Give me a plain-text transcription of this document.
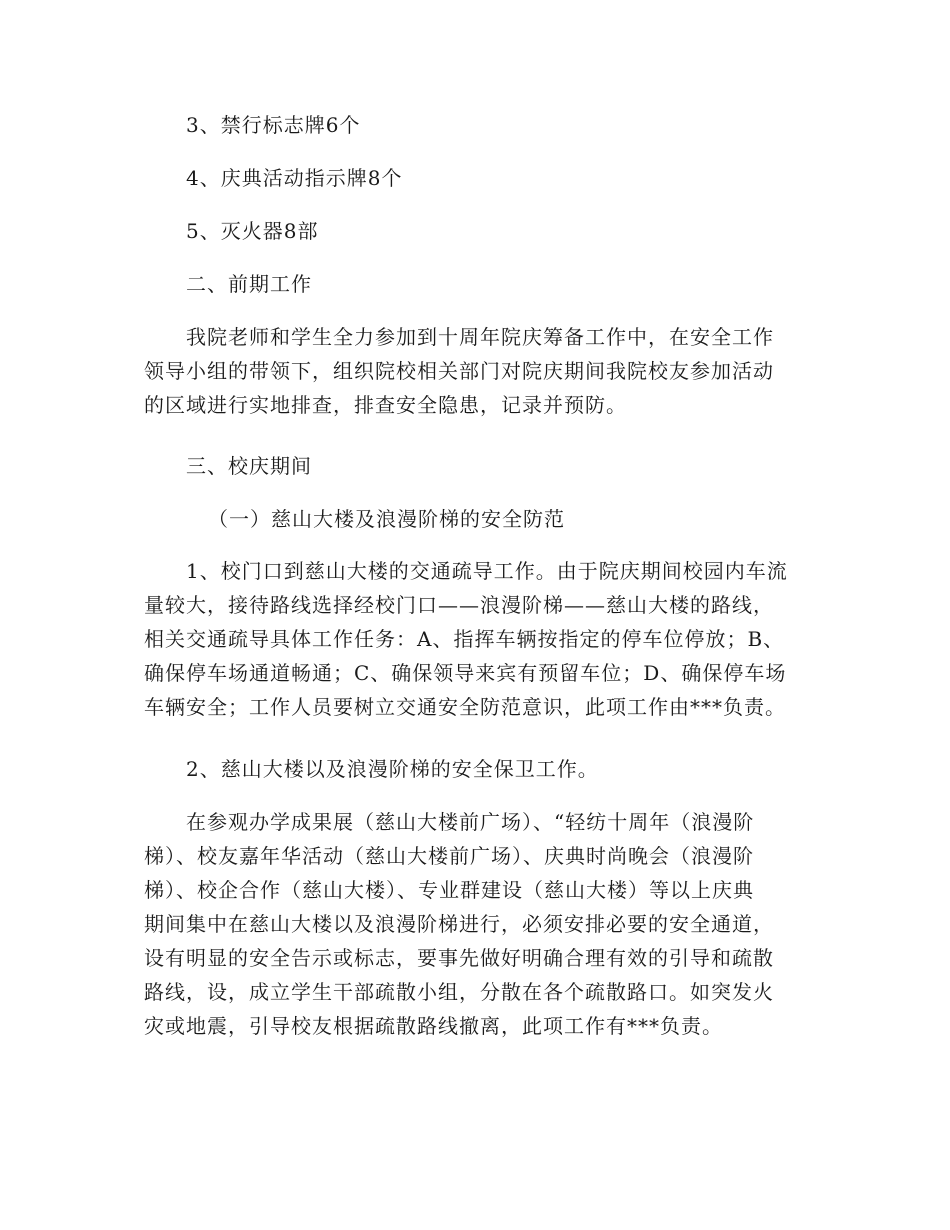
3、禁行标志牌6个

4、庆典活动指示牌8个

5、灭火器8部

二、前期工作

我院老师和学生全力参加到十周年院庆筹备工作中，在安全工作

领导小组的带领下，组织院校相关部门对院庆期间我院校友参加活动

的区域进行实地排查，排查安全隐患，记录并预防。

三、校庆期间

（一）慈山大楼及浪漫阶梯的安全防范

1、校门口到慈山大楼的交通疏导工作。由于院庆期间校园内车流

量较大，接待路线选择经校门口——浪漫阶梯——慈山大楼的路线，

相关交通疏导具体工作任务：A、指挥车辆按指定的停车位停放；B、

确保停车场通道畅通；C、确保领导来宾有预留车位；D、确保停车场

车辆安全；工作人员要树立交通安全防范意识，此项工作由***负责。

2、慈山大楼以及浪漫阶梯的安全保卫工作。

在参观办学成果展（慈山大楼前广场）、“轻纺十周年（浪漫阶

梯）、校友嘉年华活动（慈山大楼前广场）、庆典时尚晚会（浪漫阶

梯）、校企合作（慈山大楼）、专业群建设（慈山大楼）等以上庆典

期间集中在慈山大楼以及浪漫阶梯进行，必须安排必要的安全通道，

设有明显的安全告示或标志，要事先做好明确合理有效的引导和疏散

路线，设，成立学生干部疏散小组，分散在各个疏散路口。如突发火

灾或地震，引导校友根据疏散路线撤离，此项工作有***负责。
